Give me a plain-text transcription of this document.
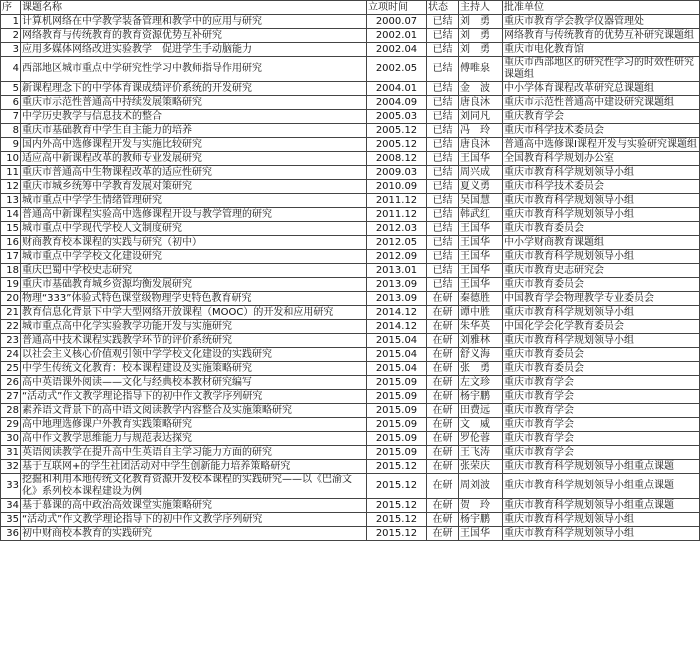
序	课题名称	立项时间	状态	主持人	批准单位
1	计算机网络在中学教学装备管理和教学中的应用与研究	2000.07	已结	刘　勇	重庆市教育学会教学仪器管理处
2	网络教育与传统教育的教育资源优势互补研究	2002.01	已结	刘　勇	网络教育与传统教育的优势互补研究课题组
3	应用多媒体网络改进实验教学　促进学生手动脑能力	2002.04	已结	刘　勇	重庆市电化教育馆
4	西部地区城市重点中学研究性学习中教师指导作用研究	2002.05	已结	傅唯泉	重庆市西部地区的研究性学习的时效性研究课题组
5	新课程理念下的中学体育课成绩评价系统的开发研究	2004.01	已结	金　波	中小学体育课程改革研究总课题组
6	重庆市示范性普通高中持续发展策略研究	2004.09	已结	唐良沐	重庆市示范性普通高中建设研究课题组
7	中学历史教学与信息技术的整合	2005.03	已结	刘同凡	重庆教育学会
8	重庆市基础教育中学生自主能力的培养	2005.12	已结	冯　玲	重庆市科学技术委员会
9	国内外高中选修课程开发与实施比较研究	2005.12	已结	唐良沐	普通高中选修课Ⅰ课程开发与实验研究课题组
10	适应高中新课程改革的教师专业发展研究	2008.12	已结	王国华	全国教育科学规划办公室
11	重庆市普通高中生物课程改革的适应性研究	2009.03	已结	周兴成	重庆市教育科学规划领导小组
12	重庆市城乡统筹中学教育发展对策研究	2010.09	已结	夏义勇	重庆市科学技术委员会
13	城市重点中学学生情绪管理研究	2011.12	已结	吴国慧	重庆市教育科学规划领导小组
14	普通高中新课程实验高中选修课程开设与教学管理的研究	2011.12	已结	韩武红	重庆市教育科学规划领导小组
15	城市重点中学现代学校人文制度研究	2012.03	已结	王国华	重庆市教育委员会
16	财商教育校本课程的实践与研究（初中）	2012.05	已结	王国华	中小学财商教育课题组
17	城市重点中学学校文化建设研究	2012.09	已结	王国华	重庆市教育科学规划领导小组
18	重庆巴蜀中学校史志研究	2013.01	已结	王国华	重庆市教育史志研究会
19	重庆市基础教育城乡资源均衡发展研究	2013.09	已结	王国华	重庆市教育委员会
20	物理“333”体验式特色课堂级物理学史特色教育研究	2013.09	在研	秦德胜	中国教育学会物理教学专业委员会
21	教育信息化背景下中学大型网络开放课程（MOOC）的开发和应用研究	2014.12	在研	谭中胜	重庆市教育科学规划领导小组
22	城市重点高中化学实验教学功能开发与实施研究	2014.12	在研	朱华英	中国化学会化学教育委员会
23	普通高中技术课程实践教学环节的评价系统研究	2015.04	在研	刘雅林	重庆市教育科学规划领导小组
24	以社会主义核心价值观引领中学学校文化建设的实践研究	2015.04	在研	舒义海	重庆市教育委员会
25	中学生传统文化教育：校本课程建设及实施策略研究	2015.04	在研	张　勇	重庆市教育委员会
26	高中英语课外阅读——文化与经典校本教材研究编写	2015.09	在研	左文珍	重庆市教育学会
27	“活动式”作文教学理论指导下的初中作文教学序列研究	2015.09	在研	杨宇鹏	重庆市教育学会
28	素养语文背景下的高中语文阅读教学内容整合及实施策略研究	2015.09	在研	田费远	重庆市教育学会
29	高中地理选修课户外教育实践策略研究	2015.09	在研	文　威	重庆市教育学会
30	高中作文教学思维能力与规范表达探究	2015.09	在研	罗伦蓉	重庆市教育学会
31	英语阅读教学在提升高中生英语自主学习能力方面的研究	2015.09	在研	王飞涛	重庆市教育学会
32	基于互联网+的学生社团活动对中学生创新能力培养策略研究	2015.12	在研	张荣庆	重庆市教育科学规划领导小组重点课题
33	挖掘和利用本地传统文化教育资源开发校本课程的实践研究——以《巴渝文化》系列校本课程建设为例	2015.12	在研	周刘波	重庆市教育科学规划领导小组重点课题
34	基于慕课的高中政治高效课堂实施策略研究	2015.12	在研	贺　玲	重庆市教育科学规划领导小组重点课题
35	“活动式”作文教学理论指导下的初中作文教学序列研究	2015.12	在研	杨宇鹏	重庆市教育科学规划领导小组
36	初中财商校本教育的实践研究	2015.12	在研	王国华	重庆市教育科学规划领导小组
